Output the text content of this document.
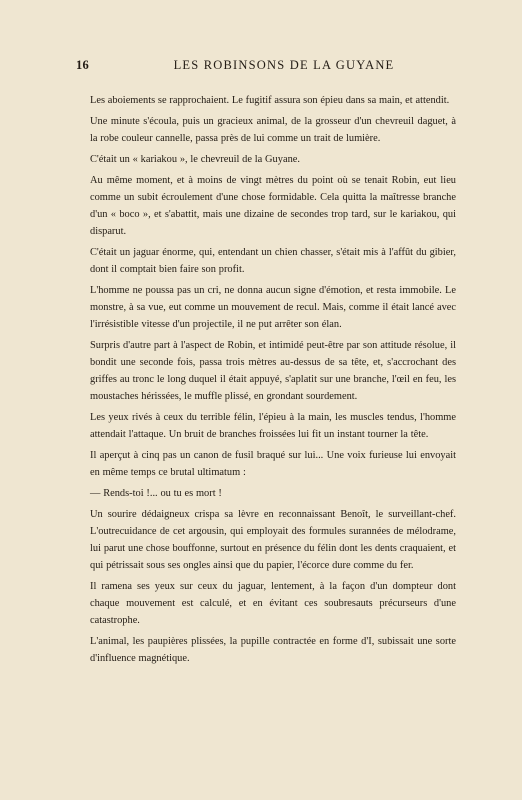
16	LES ROBINSONS DE LA GUYANE

Les aboiements se rapprochaient. Le fugitif assura son épieu dans sa main, et attendit.

Une minute s'écoula, puis un gracieux animal, de la grosseur d'un chevreuil daguet, à la robe couleur cannelle, passa près de lui comme un trait de lumière.

C'était un « kariakou », le chevreuil de la Guyane.

Au même moment, et à moins de vingt mètres du point où se tenait Robin, eut lieu comme un subit écroulement d'une chose formidable. Cela quitta la maîtresse branche d'un « boco », et s'abattit, mais une dizaine de secondes trop tard, sur le kariakou, qui disparut.

C'était un jaguar énorme, qui, entendant un chien chasser, s'était mis à l'affût du gibier, dont il comptait bien faire son profit.

L'homme ne poussa pas un cri, ne donna aucun signe d'émotion, et resta immobile. Le monstre, à sa vue, eut comme un mouvement de recul. Mais, comme il était lancé avec l'irrésistible vitesse d'un projectile, il ne put arrêter son élan.

Surpris d'autre part à l'aspect de Robin, et intimidé peut-être par son attitude résolue, il bondit une seconde fois, passa trois mètres au-dessus de sa tête, et, s'accrochant des griffes au tronc le long duquel il était appuyé, s'aplatit sur une branche, l'œil en feu, les moustaches hérissées, le muffle plissé, en grondant sourdement.

Les yeux rivés à ceux du terrible félin, l'épieu à la main, les muscles tendus, l'homme attendait l'attaque. Un bruit de branches froissées lui fit un instant tourner la tête.

Il aperçut à cinq pas un canon de fusil braqué sur lui... Une voix furieuse lui envoyait en même temps ce brutal ultimatum :

— Rends-toi !... ou tu es mort !

Un sourire dédaigneux crispa sa lèvre en reconnaissant Benoît, le surveillant-chef. L'outrecuidance de cet argousin, qui employait des formules surannées de mélodrame, lui parut une chose bouffonne, surtout en présence du félin dont les dents craquaient, et qui pétrissait sous ses ongles ainsi que du papier, l'écorce dure comme du fer.

Il ramena ses yeux sur ceux du jaguar, lentement, à la façon d'un dompteur dont chaque mouvement est calculé, et en évitant ces soubresauts précurseurs d'une catastrophe.

L'animal, les paupières plissées, la pupille contractée en forme d'I, subissait une sorte d'influence magnétique.
